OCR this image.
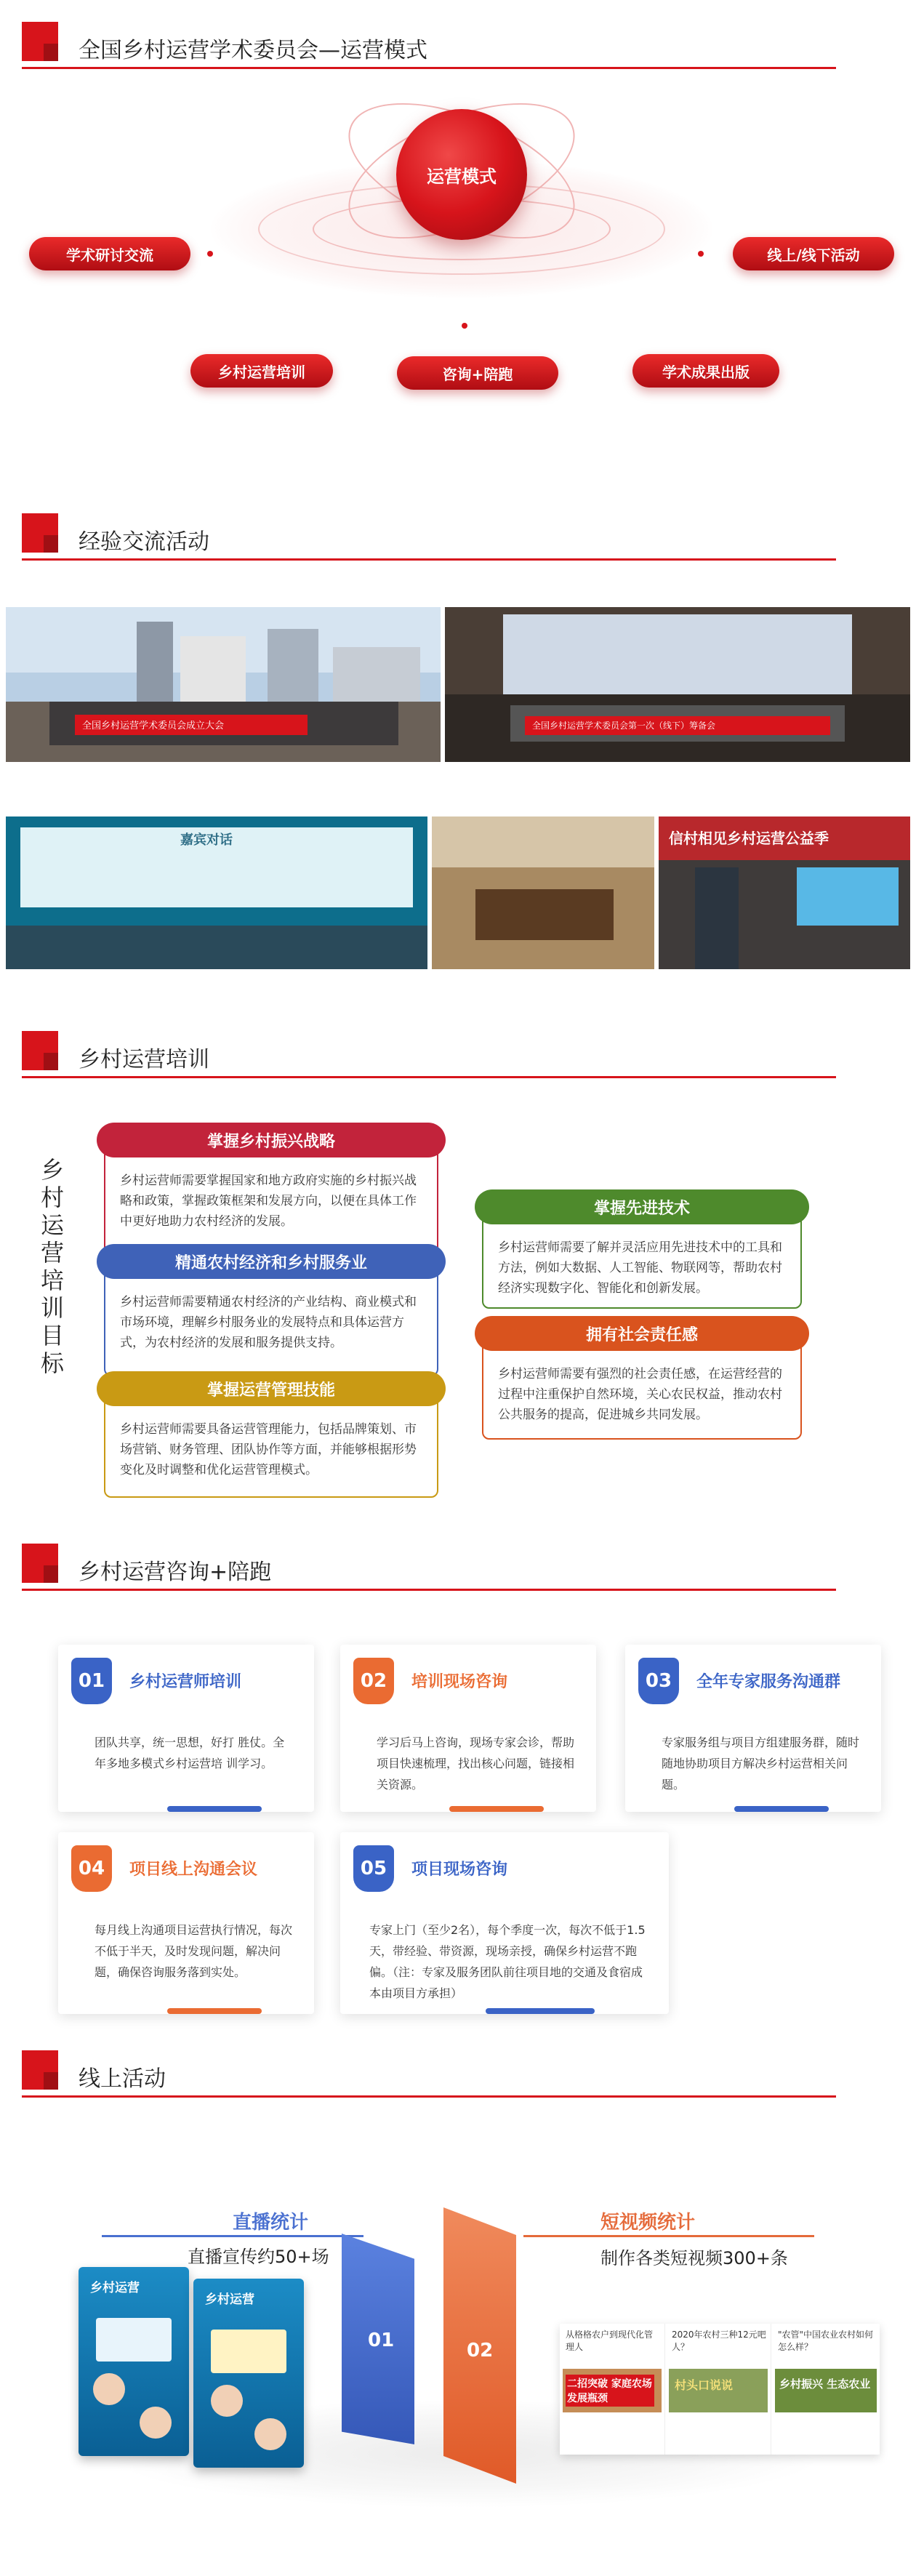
全国乡村运营学术委员会—运营模式
运营模式
学术研讨交流	线上/线下活动
乡村运营培训	咨询+陪跑	学术成果出版
经验交流活动
全国乡村运营学术委员会成立大会	全国乡村运营学术委员会第一次（线下）筹备会
嘉宾对话	信村相见乡村运营公益季
乡村运营培训
乡村运营培训目标
掌握乡村振兴战略
乡村运营师需要掌握国家和地方政府实施的乡村振兴战略和政策，掌握政策框架和发展方向，以便在具体工作中更好地助力农村经济的发展。
精通农村经济和乡村服务业
乡村运营师需要精通农村经济的产业结构、商业模式和市场环境，理解乡村服务业的发展特点和具体运营方式，为农村经济的发展和服务提供支持。
掌握运营管理技能
乡村运营师需要具备运营管理能力，包括品牌策划、市场营销、财务管理、团队协作等方面，并能够根据形势变化及时调整和优化运营管理模式。
掌握先进技术
乡村运营师需要了解并灵活应用先进技术中的工具和方法，例如大数据、人工智能、物联网等，帮助农村经济实现数字化、智能化和创新发展。
拥有社会责任感
乡村运营师需要有强烈的社会责任感，在运营经营的过程中注重保护自然环境，关心农民权益，推动农村公共服务的提高，促进城乡共同发展。
乡村运营咨询+陪跑
01	乡村运营师培训
团队共享，统一思想，好打 胜仗。全年多地多模式乡村运营培 训学习。
02	培训现场咨询
学习后马上咨询，现场专家会诊，帮助项目快速梳理，找出核心问题，链接相关资源。
03	全年专家服务沟通群
专家服务组与项目方组建服务群，随时随地协助项目方解决乡村运营相关问题。
04	项目线上沟通会议
每月线上沟通项目运营执行情况，每次不低于半天，及时发现问题，解决问题，确保咨询服务落到实处。
05	项目现场咨询
专家上门（至少2名），每个季度一次，每次不低于1.5天，带经验、带资源，现场亲授，确保乡村运营不跑偏。（注：专家及服务团队前往项目地的交通及食宿成本由项目方承担）
线上活动
直播统计
直播宣传约50+场
乡村运营
乡村运营
01	02
短视频统计
制作各类短视频300+条
从格格农户到现代化管理人
二招突破 家庭农场发展瓶颈
2020年农村三种12元吧人？
村头口说说
"农管"中国农业农村如何怎么样？
乡村振兴 生态农业
